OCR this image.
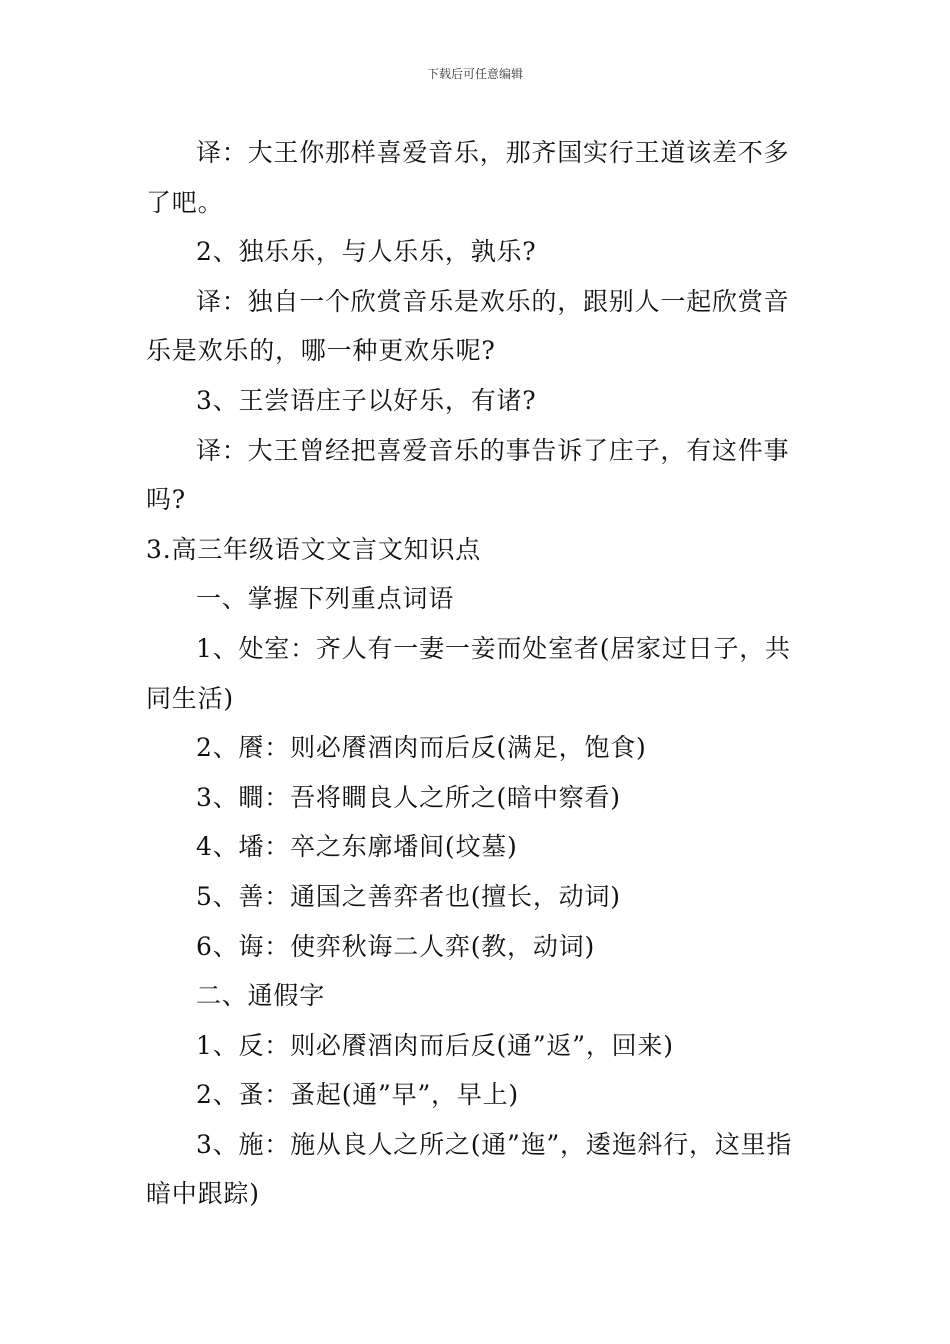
下载后可任意编辑

译：大王你那样喜爱音乐，那齐国实行王道该差不多了吧。

2、独乐乐，与人乐乐，孰乐?

译：独自一个欣赏音乐是欢乐的，跟别人一起欣赏音乐是欢乐的，哪一种更欢乐呢?

3、王尝语庄子以好乐，有诸?

译：大王曾经把喜爱音乐的事告诉了庄子，有这件事吗?

3.高三年级语文文言文知识点

一、掌握下列重点词语

1、处室：齐人有一妻一妾而处室者(居家过日子，共同生活)

2、餍：则必餍酒肉而后反(满足，饱食)

3、瞷：吾将瞷良人之所之(暗中察看)

4、墦：卒之东廓墦间(坟墓)

5、善：通国之善弈者也(擅长，动词)

6、诲：使弈秋诲二人弈(教，动词)

二、通假字

1、反：则必餍酒肉而后反(通”返”，回来)

2、蚤：蚤起(通”早”，早上)

3、施：施从良人之所之(通”迤”，逶迤斜行，这里指暗中跟踪)
